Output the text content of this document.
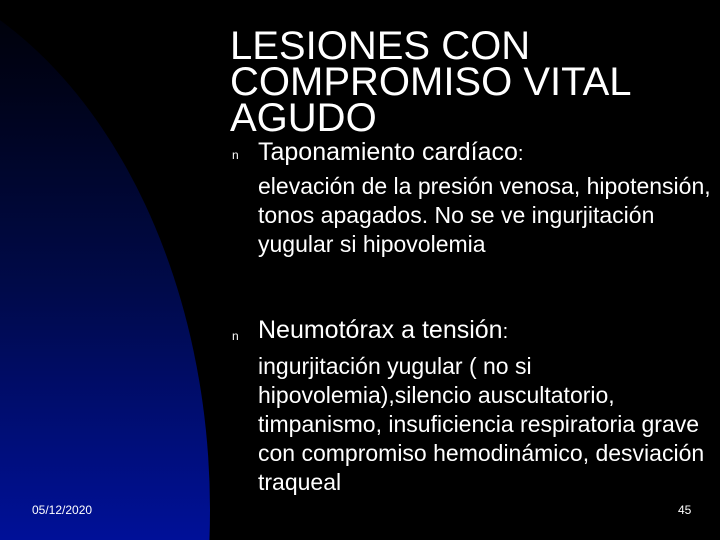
LESIONES CON COMPROMISO VITAL AGUDO
n Taponamiento cardíaco:
elevación de la presión venosa, hipotensión, tonos apagados. No se ve ingurjitación yugular si hipovolemia
n Neumotórax a tensión:
ingurjitación yugular ( no si hipovolemia),silencio auscultatorio, timpanismo, insuficiencia respiratoria grave con compromiso hemodinámico, desviación traqueal
05/12/2020	45
